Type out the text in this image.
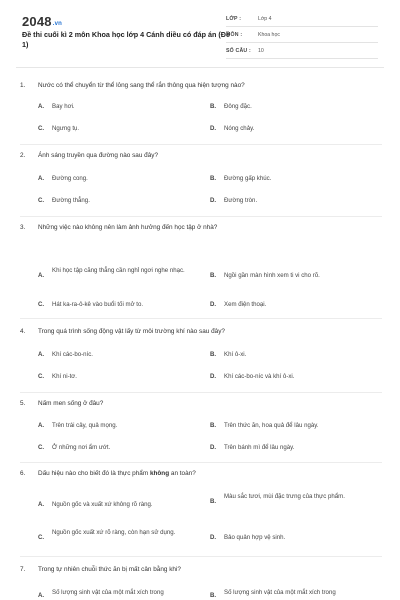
2048.vn
Đề thi cuối kì 2 môn Khoa học lớp 4 Cánh diều có đáp án (Đề 1)
LỚP :	Lớp 4
MÔN :	Khoa học
SỐ CÂU : 10
1. Nước có thể chuyển từ thể lỏng sang thể rắn thông qua hiện tượng nào?
A. Bay hơi.	B. Đông đặc.
C. Ngưng tụ.	D. Nóng chảy.
2. Ánh sáng truyền qua đường nào sau đây?
A. Đường cong.	B. Đường gấp khúc.
C. Đường thẳng.	D. Đường tròn.
3. Những việc nào không nên làm ảnh hưởng đến học tập ở nhà?
A.
Khi học tập căng thẳng cần nghỉ ngơi nghe nhạc.
B. Ngồi gần màn hình xem ti vi cho rõ.
C. Hát ka-ra-ô-kê vào buổi tối mở to.	D. Xem điện thoại.
4. Trong quá trình sống động vật lấy từ môi trường khí nào sau đây?
A. Khí các-bo-níc.	B. Khí ô-xi.
C. Khí ni-tơ.	D. Khí các-bo-níc và khí ô-xi.
5. Nấm men sống ở đâu?
A. Trên trái cây, quả mọng.	B. Trên thức ăn, hoa quả để lâu ngày.
C. Ở những nơi ẩm ướt.	D. Trên bánh mì để lâu ngày.
6. Dấu hiệu nào cho biết đó là thực phẩm không an toàn?
A. Nguồn gốc và xuất xứ không rõ ràng.	B.
Màu sắc tươi, mùi đặc trưng của thực phẩm.
C.
Nguồn gốc xuất xứ rõ ràng, còn hạn sử dụng.
D. Bảo quản hợp vệ sinh.
7. Trong tự nhiên chuỗi thức ăn bị mất cân bằng khi?
A. Số lượng sinh vật của một mắt xích trong	B. Số lượng sinh vật của một mắt xích trong
